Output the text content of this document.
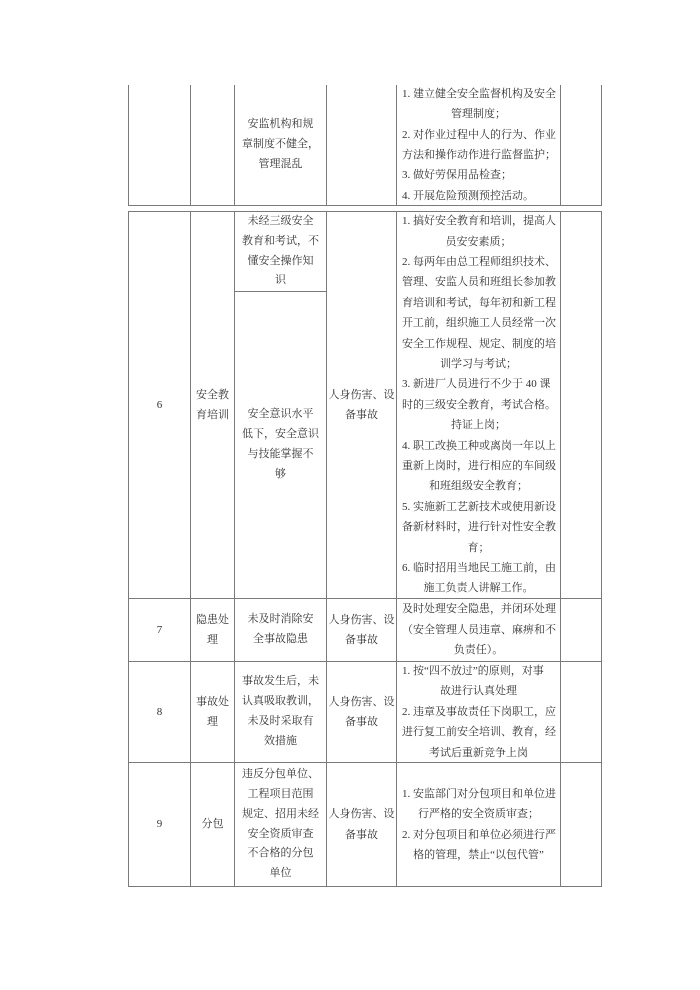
安监机构和规
章制度不健全，
管理混乱
1. 建立健全安全监督机构及安全
管理制度；
2. 对作业过程中人的行为、作业
方法和操作动作进行监督监护；
3. 做好劳保用品检查；
4. 开展危险预测预控活动。
6
安全教
育培训
未经三级安全
教育和考试，不
懂安全操作知
识
安全意识水平
低下，安全意识
与技能掌握不
够
人身伤害、设
备事故
1. 搞好安全教育和培训，提高人
员安安素质；
2. 每两年由总工程师组织技术、
管理、安监人员和班组长参加教
育培训和考试，每年初和新工程
开工前，组织施工人员经常一次
安全工作规程、规定、制度的培
训学习与考试；
3. 新进厂人员进行不少于 40 课
时的三级安全教育，考试合格。
持证上岗；
4. 职工改换工种或离岗一年以上
重新上岗时，进行相应的车间级
和班组级安全教育；
5. 实施新工艺新技术或使用新设
备新材料时，进行针对性安全教
育；
6. 临时招用当地民工施工前，由
施工负责人讲解工作。
7
隐患处
理
未及时消除安
全事故隐患
人身伤害、设
备事故
及时处理安全隐患，并闭环处理
（安全管理人员违章、麻痹和不
负责任）。
8
事故处
理
事故发生后，未
认真吸取教训，
未及时采取有
效措施
人身伤害、设
备事故
1. 按“四不放过”的原则，对事
故进行认真处理
2. 违章及事故责任下岗职工，应
进行复工前安全培训、教育，经
考试后重新竞争上岗
9	分包
违反分包单位、
工程项目范围
规定、招用未经
安全资质审查
不合格的分包
单位
人身伤害、设
备事故
1. 安监部门对分包项目和单位进
行严格的安全资质审查；
2. 对分包项目和单位必须进行严
格的管理，禁止“以包代管”
